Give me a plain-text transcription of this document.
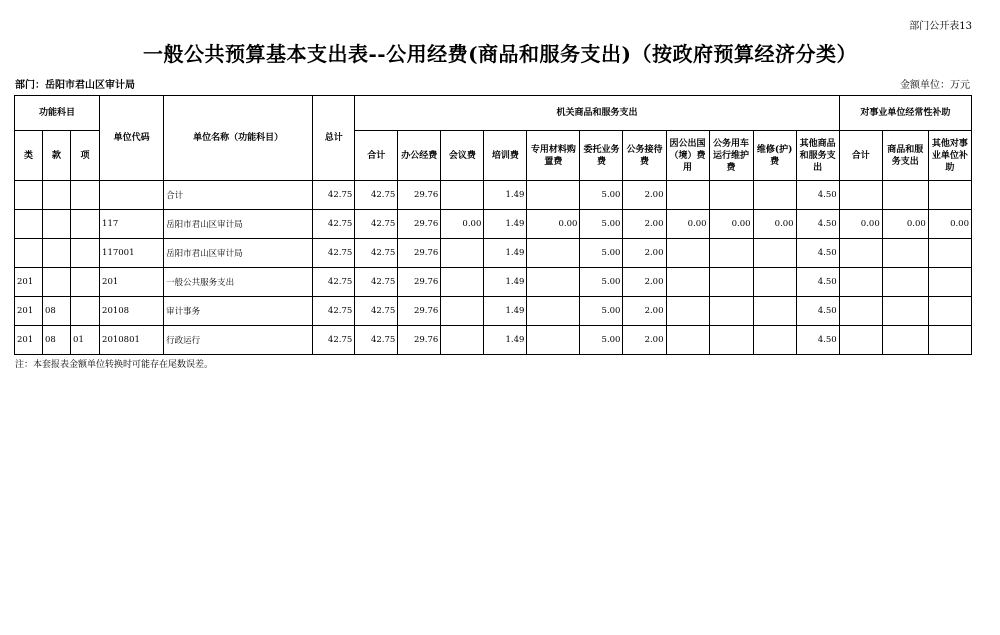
部门公开表13
一般公共预算基本支出表--公用经费(商品和服务支出)（按政府预算经济分类）
部门：岳阳市君山区审计局	金额单位：万元
功能科目			单位代码	单位名称（功能科目）	总计	机关商品和服务支出											对事业单位经常性补助		
类	款	项				合计	办公经费	会议费	培训费	专用材料购置费	委托业务费	公务接待费	因公出国（境）费用	公务用车运行维护费	维修(护)费	其他商品和服务支出	合计	商品和服务支出	其他对事业单位补助
				合计	42.75	42.75	29.76		1.49		5.00	2.00				4.50			
			117	岳阳市君山区审计局	42.75	42.75	29.76	0.00	1.49	0.00	5.00	2.00	0.00	0.00	0.00	4.50	0.00	0.00	0.00
			117001	岳阳市君山区审计局	42.75	42.75	29.76		1.49		5.00	2.00				4.50			
201			201	一般公共服务支出	42.75	42.75	29.76		1.49		5.00	2.00				4.50			
201	08		20108	审计事务	42.75	42.75	29.76		1.49		5.00	2.00				4.50			
201	08	01	2010801	行政运行	42.75	42.75	29.76		1.49		5.00	2.00				4.50			
注：本套报表金额单位转换时可能存在尾数误差。
